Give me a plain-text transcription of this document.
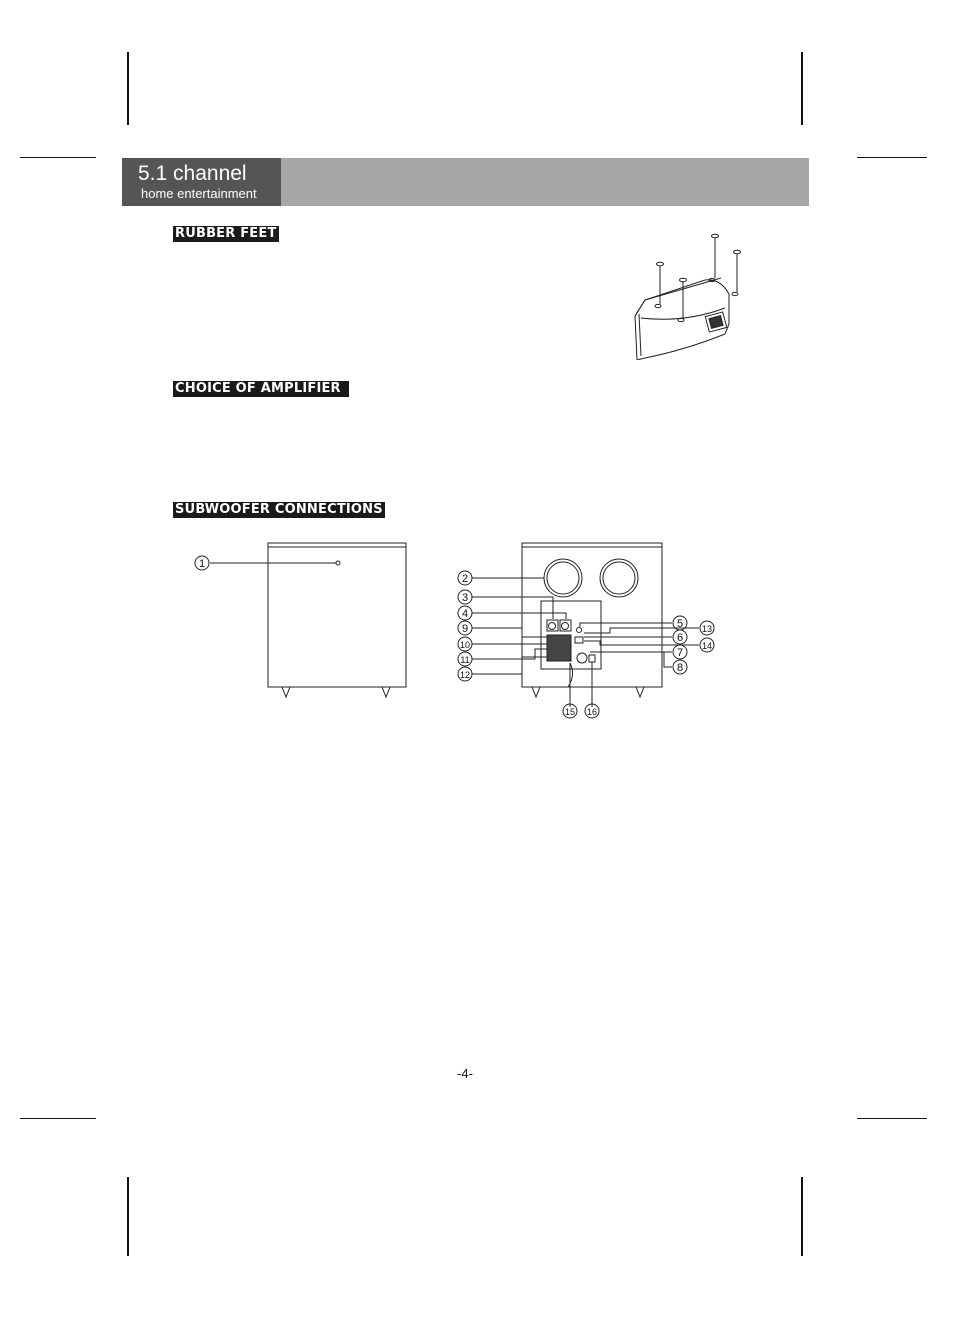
5.1 channel
home entertainment
RUBBER FEET
CHOICE OF AMPLIFIER
SUBWOOFER CONNECTIONS
1
2
3
4
9
10
11
12
5
6
7
8
13
14
15 16
-4-
